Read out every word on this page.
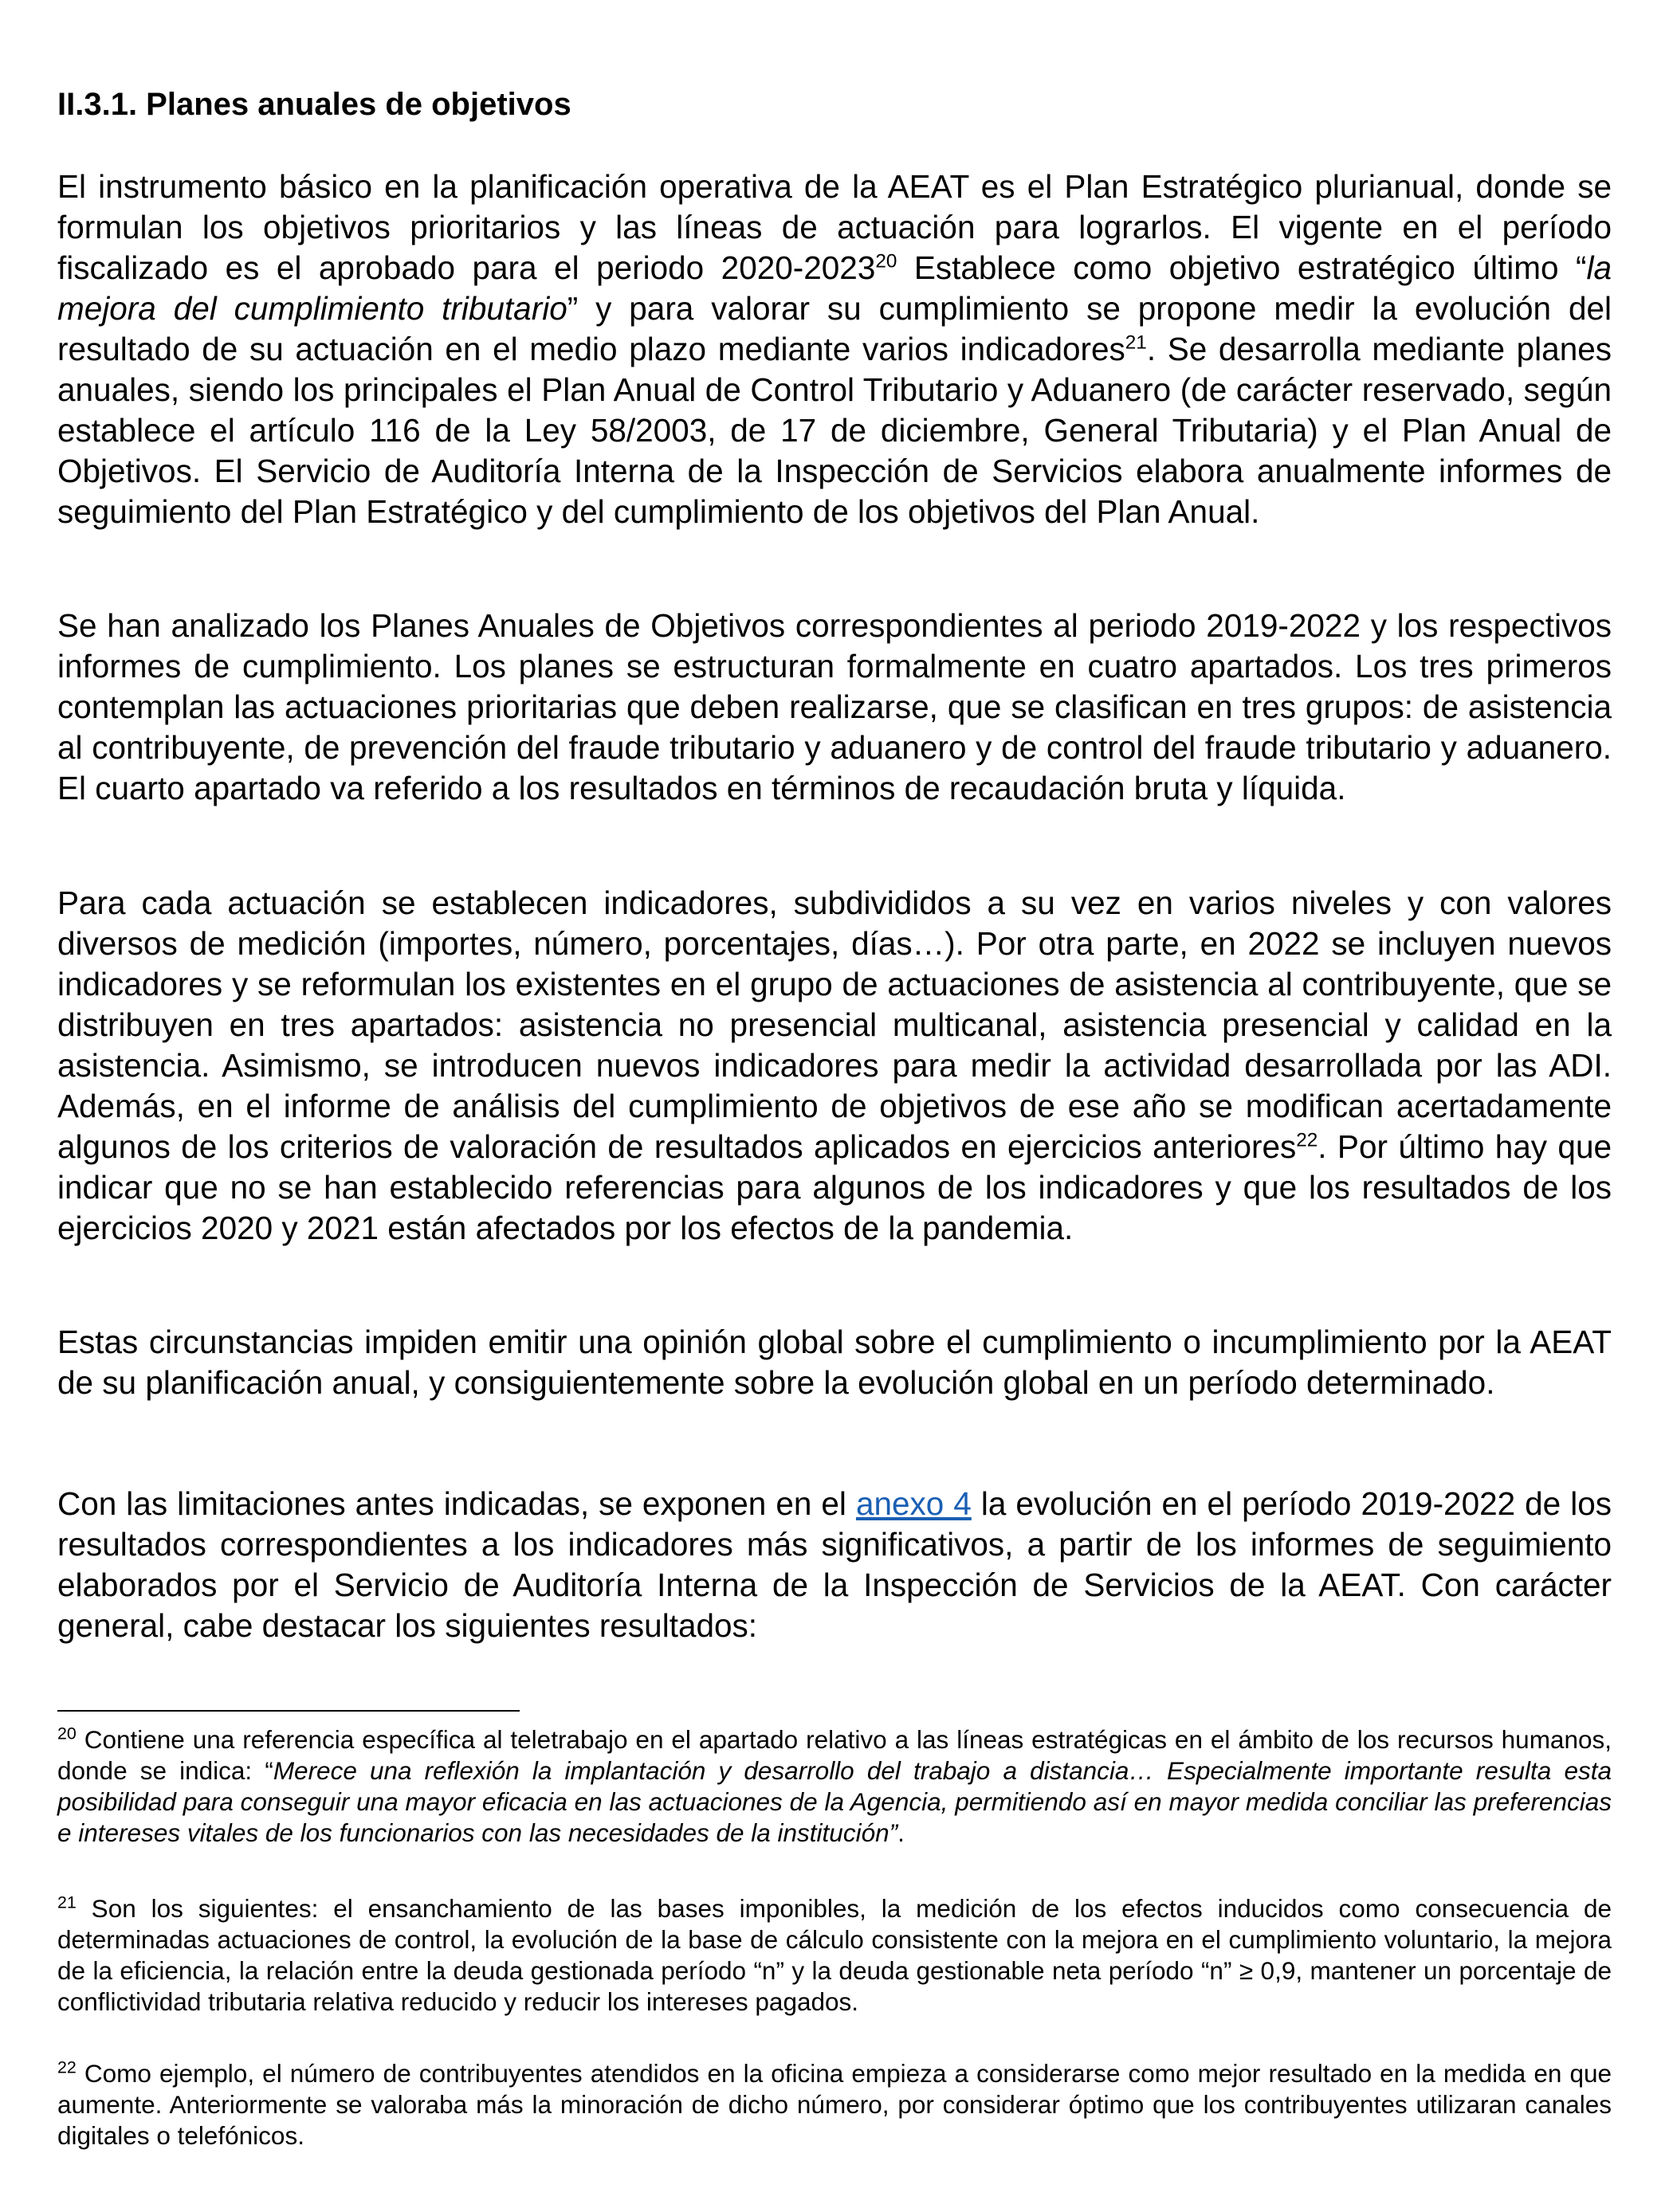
II.3.1. Planes anuales de objetivos

El instrumento básico en la planificación operativa de la AEAT es el Plan Estratégico plurianual, donde se formulan los objetivos prioritarios y las líneas de actuación para lograrlos. El vigente en el período fiscalizado es el aprobado para el periodo 2020-2023$^{20}$ Establece como objetivo estratégico último “la mejora del cumplimiento tributario” y para valorar su cumplimiento se propone medir la evolución del resultado de su actuación en el medio plazo mediante varios indicadores$^{21}$. Se desarrolla mediante planes anuales, siendo los principales el Plan Anual de Control Tributario y Aduanero (de carácter reservado, según establece el artículo 116 de la Ley 58/2003, de 17 de diciembre, General Tributaria) y el Plan Anual de Objetivos. El Servicio de Auditoría Interna de la Inspección de Servicios elabora anualmente informes de seguimiento del Plan Estratégico y del cumplimiento de los objetivos del Plan Anual.

Se han analizado los Planes Anuales de Objetivos correspondientes al periodo 2019-2022 y los respectivos informes de cumplimiento. Los planes se estructuran formalmente en cuatro apartados. Los tres primeros contemplan las actuaciones prioritarias que deben realizarse, que se clasifican en tres grupos: de asistencia al contribuyente, de prevención del fraude tributario y aduanero y de control del fraude tributario y aduanero. El cuarto apartado va referido a los resultados en términos de recaudación bruta y líquida.

Para cada actuación se establecen indicadores, subdivididos a su vez en varios niveles y con valores diversos de medición (importes, número, porcentajes, días…). Por otra parte, en 2022 se incluyen nuevos indicadores y se reformulan los existentes en el grupo de actuaciones de asistencia al contribuyente, que se distribuyen en tres apartados: asistencia no presencial multicanal, asistencia presencial y calidad en la asistencia. Asimismo, se introducen nuevos indicadores para medir la actividad desarrollada por las ADI. Además, en el informe de análisis del cumplimiento de objetivos de ese año se modifican acertadamente algunos de los criterios de valoración de resultados aplicados en ejercicios anteriores$^{22}$. Por último hay que indicar que no se han establecido referencias para algunos de los indicadores y que los resultados de los ejercicios 2020 y 2021 están afectados por los efectos de la pandemia.

Estas circunstancias impiden emitir una opinión global sobre el cumplimiento o incumplimiento por la AEAT de su planificación anual, y consiguientemente sobre la evolución global en un período determinado.

Con las limitaciones antes indicadas, se exponen en el anexo 4 la evolución en el período 2019-2022 de los resultados correspondientes a los indicadores más significativos, a partir de los informes de seguimiento elaborados por el Servicio de Auditoría Interna de la Inspección de Servicios de la AEAT. Con carácter general, cabe destacar los siguientes resultados:

$^{20}$ Contiene una referencia específica al teletrabajo en el apartado relativo a las líneas estratégicas en el ámbito de los recursos humanos, donde se indica: “Merece una reflexión la implantación y desarrollo del trabajo a distancia… Especialmente importante resulta esta posibilidad para conseguir una mayor eficacia en las actuaciones de la Agencia, permitiendo así en mayor medida conciliar las preferencias e intereses vitales de los funcionarios con las necesidades de la institución”.

$^{21}$ Son los siguientes: el ensanchamiento de las bases imponibles, la medición de los efectos inducidos como consecuencia de determinadas actuaciones de control, la evolución de la base de cálculo consistente con la mejora en el cumplimiento voluntario, la mejora de la eficiencia, la relación entre la deuda gestionada período “n” y la deuda gestionable neta período “n” ≥ 0,9, mantener un porcentaje de conflictividad tributaria relativa reducido y reducir los intereses pagados.

$^{22}$ Como ejemplo, el número de contribuyentes atendidos en la oficina empieza a considerarse como mejor resultado en la medida en que aumente. Anteriormente se valoraba más la minoración de dicho número, por considerar óptimo que los contribuyentes utilizaran canales digitales o telefónicos.
